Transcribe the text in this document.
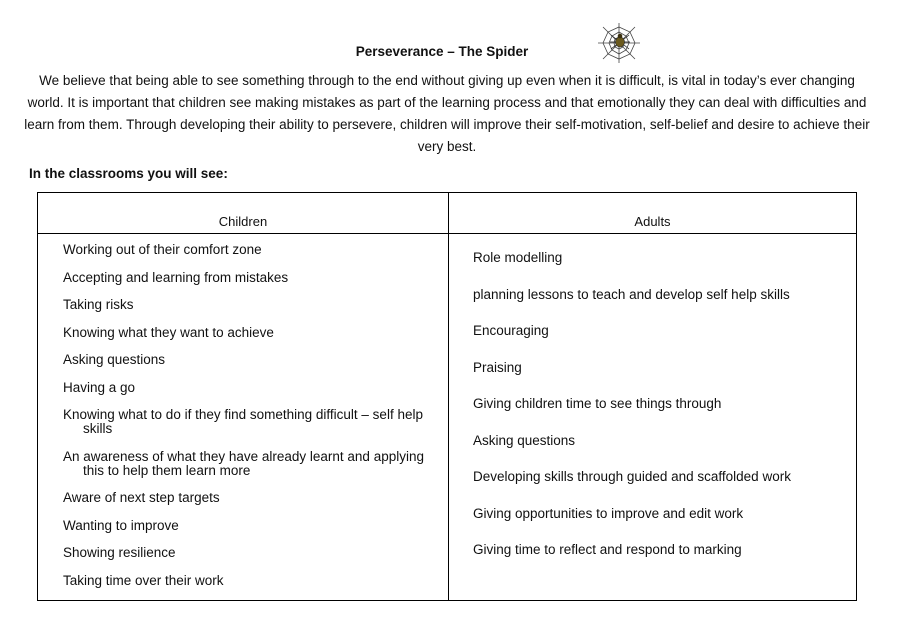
Perseverance – The Spider
We believe that being able to see something through to the end without giving up even when it is difficult, is vital in today’s ever changing world. It is important that children see making mistakes as part of the learning process and that emotionally they can deal with difficulties and learn from them. Through developing their ability to persevere, children will improve their self-motivation, self-belief and desire to achieve their very best.
In the classrooms you will see:
Children	Adults
Working out of their comfort zone
Accepting and learning from mistakes
Taking risks
Knowing what they want to achieve
Asking questions
Having a go
Knowing what to do if they find something difficult – self help skills
An awareness of what they have already learnt and applying this to help them learn more
Aware of next step targets
Wanting to improve
Showing resilience
Taking time over their work
Role modelling
planning lessons to teach and develop self help skills
Encouraging
Praising
Giving children time to see things through
Asking questions
Developing skills through guided and scaffolded work
Giving opportunities to improve and edit work
Giving time to reflect and respond to marking
